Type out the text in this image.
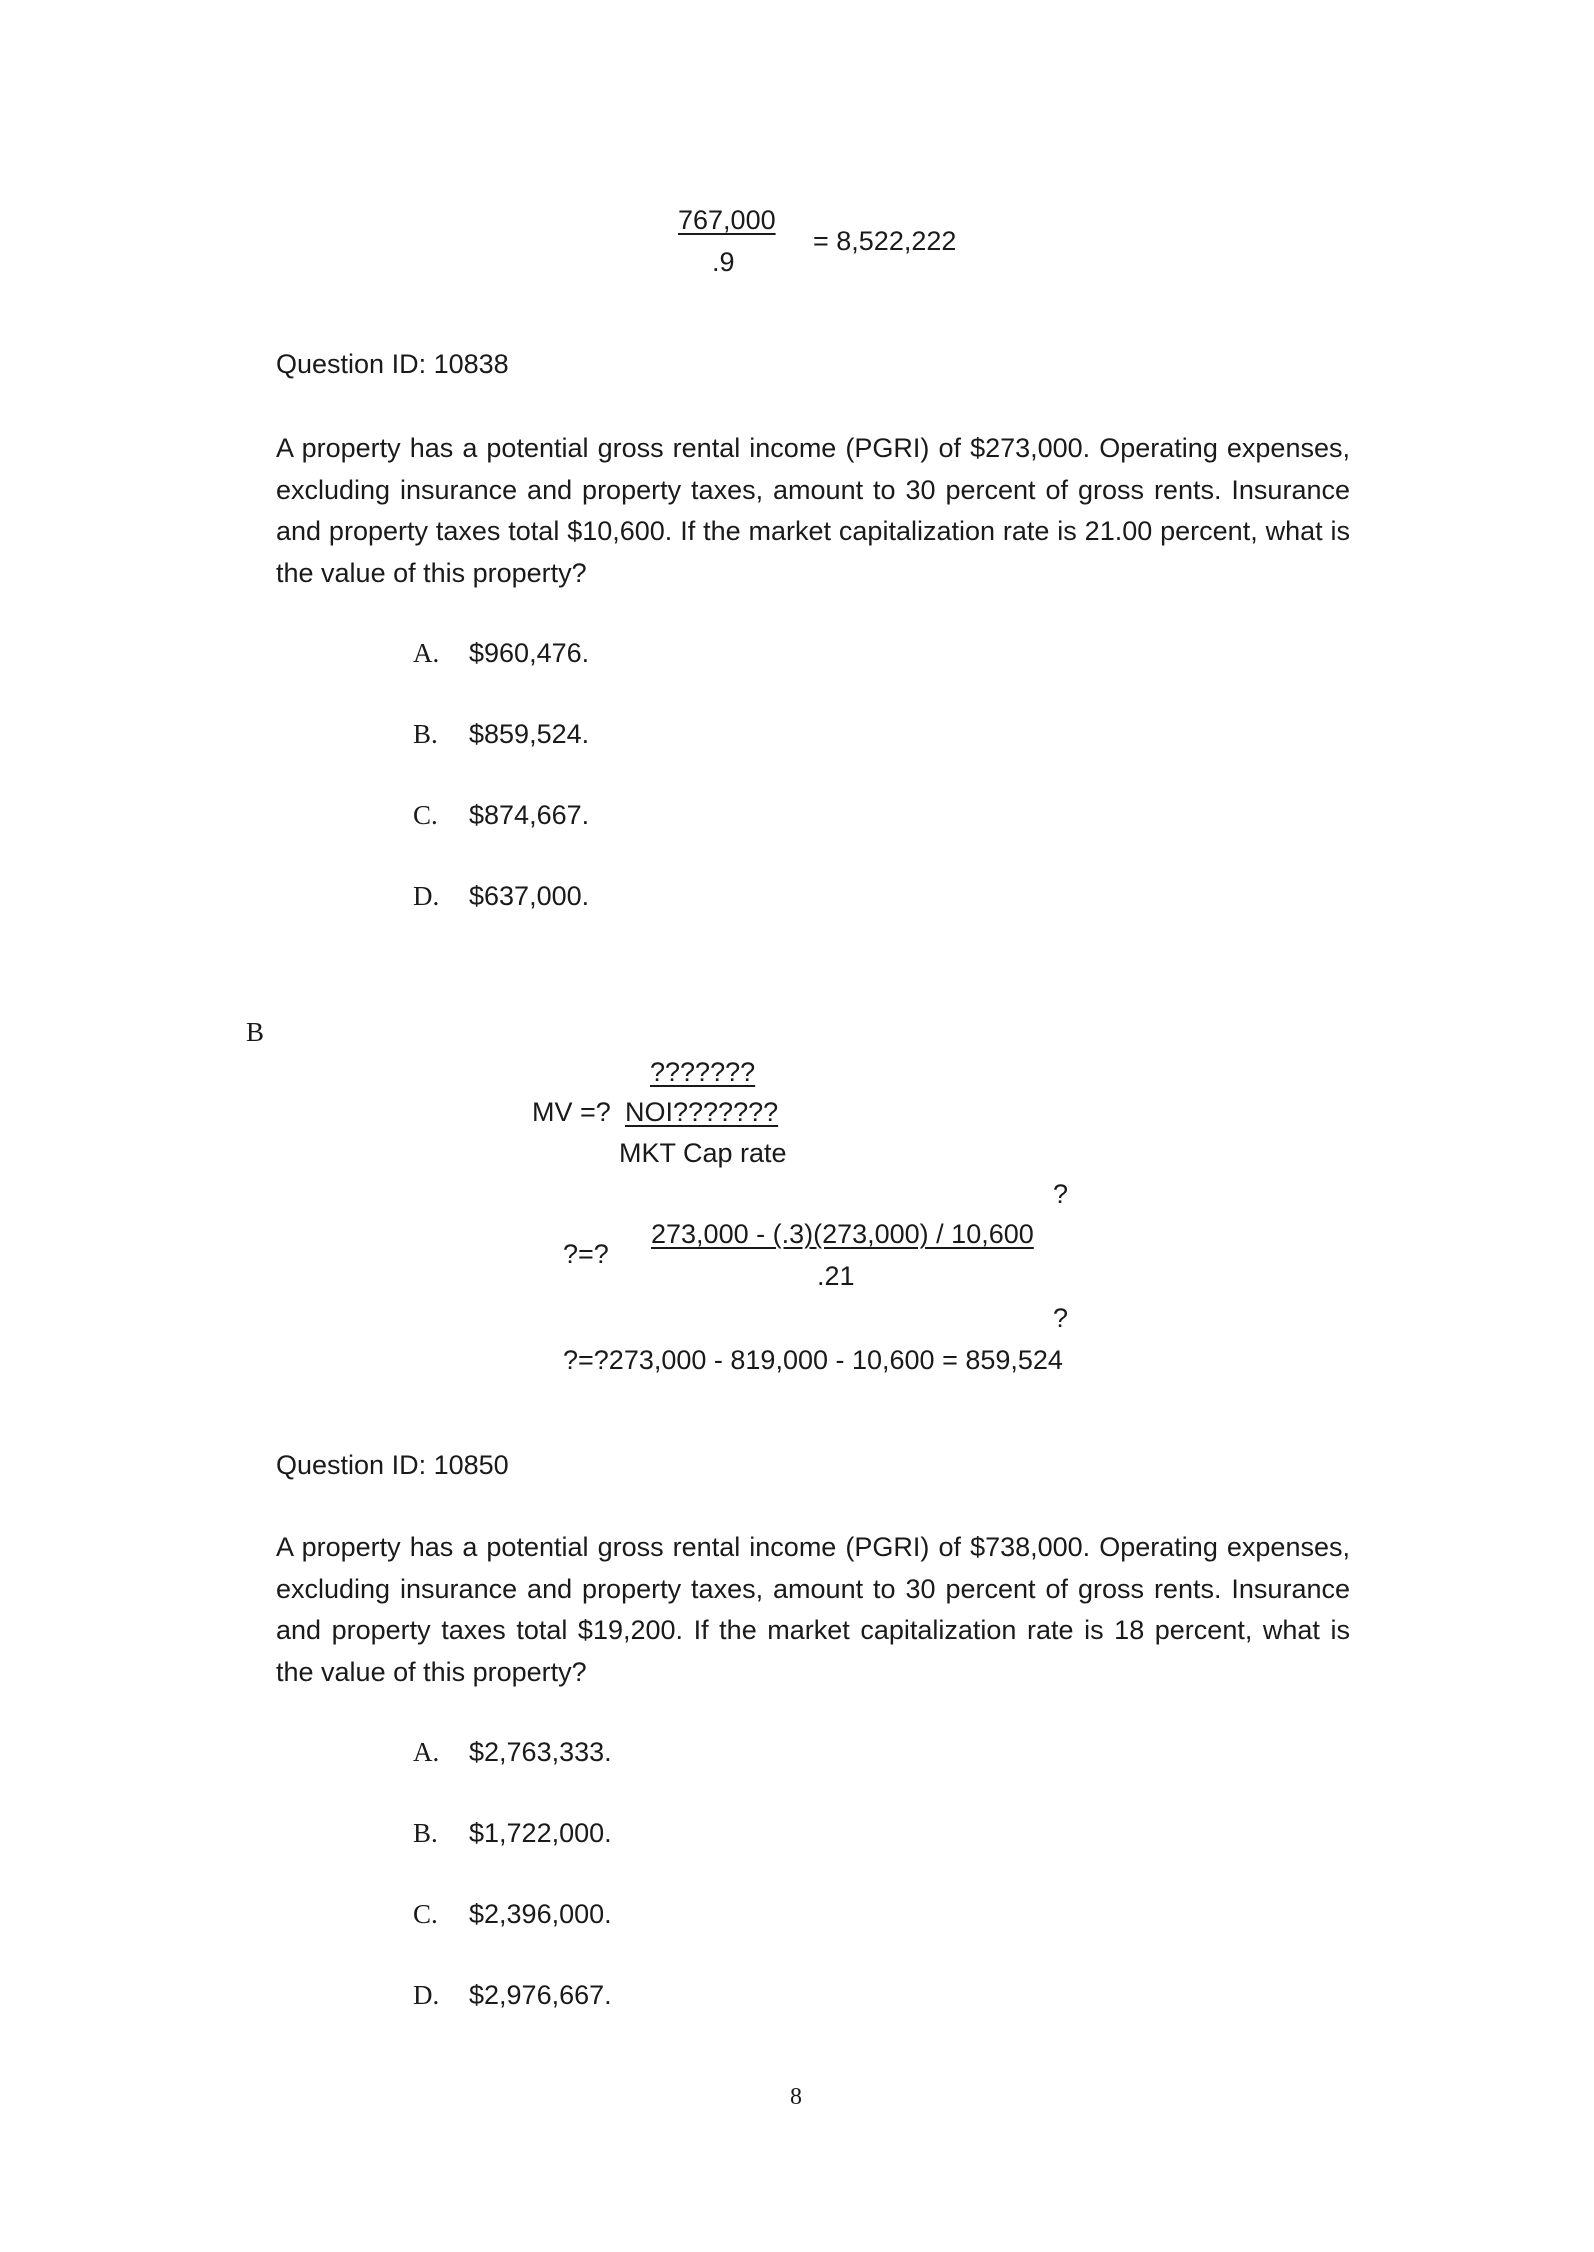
767,000
.9
= 8,522,222
Question ID: 10838
A property has a potential gross rental income (PGRI) of $273,000. Operating expenses, excluding insurance and property taxes, amount to 30 percent of gross rents. Insurance and property taxes total $10,600. If the market capitalization rate is 21.00 percent, what is the value of this property?
A. $960,476.
B. $859,524.
C. $874,667.
D. $637,000.
B
???????
MV =? NOI???????
MKT Cap rate
?
?=?
273,000 - (.3)(273,000) / 10,600
.21
?
?=?273,000 - 819,000 - 10,600 = 859,524
Question ID: 10850
A property has a potential gross rental income (PGRI) of $738,000. Operating expenses, excluding insurance and property taxes, amount to 30 percent of gross rents. Insurance and property taxes total $19,200. If the market capitalization rate is 18 percent, what is the value of this property?
A. $2,763,333.
B. $1,722,000.
C. $2,396,000.
D. $2,976,667.
8
